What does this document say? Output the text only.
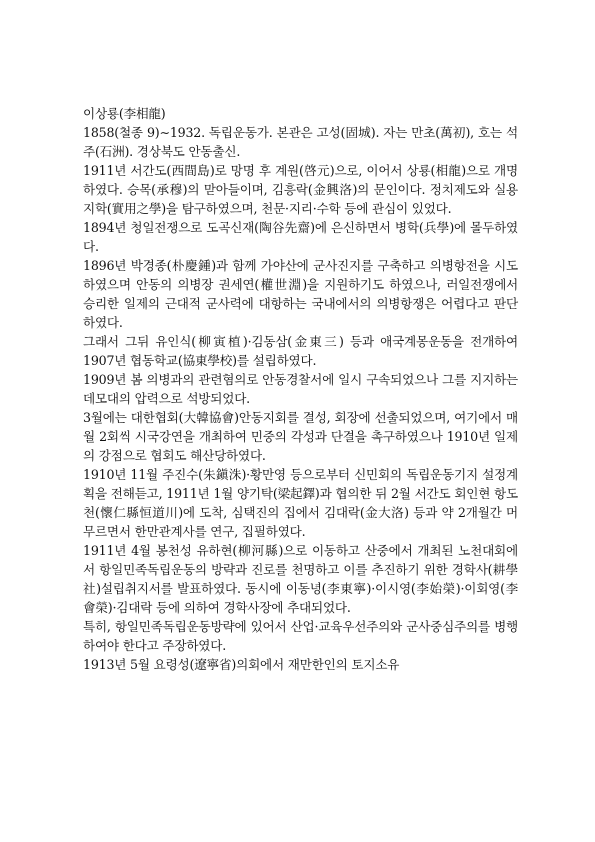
이상룡(李相龍)

1858(철종 9)∼1932. 독립운동가. 본관은 고성(固城). 자는 만초(萬初), 호는 석주(石洲). 경상북도 안동출신.

1911년 서간도(西間島)로 망명 후 계원(啓元)으로, 이어서 상룡(相龍)으로 개명하였다. 승목(承穆)의 맏아들이며, 김흥락(金興洛)의 문인이다. 정치제도와 실용지학(實用之學)을 탐구하였으며, 천문·지리·수학 등에 관심이 있었다.

1894년 청일전쟁으로 도곡신재(陶谷先齋)에 은신하면서 병학(兵學)에 몰두하였다.

1896년 박경종(朴慶鍾)과 함께 가야산에 군사진지를 구축하고 의병항전을 시도하였으며 안동의 의병장 권세연(權世淵)을 지원하기도 하였으나, 러일전쟁에서 승리한 일제의 근대적 군사력에 대항하는 국내에서의 의병항쟁은 어렵다고 판단하였다.

그래서 그뒤 유인식(柳寅植)·김동삼(金東三) 등과 애국계몽운동을 전개하여 1907년 협동학교(協東學校)를 설립하였다.

1909년 봄 의병과의 관련혐의로 안동경찰서에 일시 구속되었으나 그를 지지하는 데모대의 압력으로 석방되었다.

3월에는 대한협회(大韓協會)안동지회를 결성, 회장에 선출되었으며, 여기에서 매월 2회씩 시국강연을 개최하여 민중의 각성과 단결을 촉구하였으나 1910년 일제의 강점으로 협회도 해산당하였다.

1910년 11월 주진수(朱鎭洙)·황만영 등으로부터 신민회의 독립운동기지 설정계획을 전해듣고, 1911년 1월 양기탁(梁起鐸)과 협의한 뒤 2월 서간도 회인현 항도천(懷仁縣恒道川)에 도착, 심택진의 집에서 김대락(金大洛) 등과 약 2개월간 머무르면서 한만관계사를 연구, 집필하였다.

1911년 4월 봉천성 유하현(柳河縣)으로 이동하고 산중에서 개최된 노천대회에서 항일민족독립운동의 방략과 진로를 천명하고 이를 추진하기 위한 경학사(耕學社)설립취지서를 발표하였다. 동시에 이동녕(李東寧)·이시영(李始榮)·이회영(李會榮)·김대락 등에 의하여 경학사장에 추대되었다.

특히, 항일민족독립운동방략에 있어서 산업·교육우선주의와 군사중심주의를 병행하여야 한다고 주장하였다.

1913년 5월 요령성(遼寧省)의회에서 재만한인의 토지소유
